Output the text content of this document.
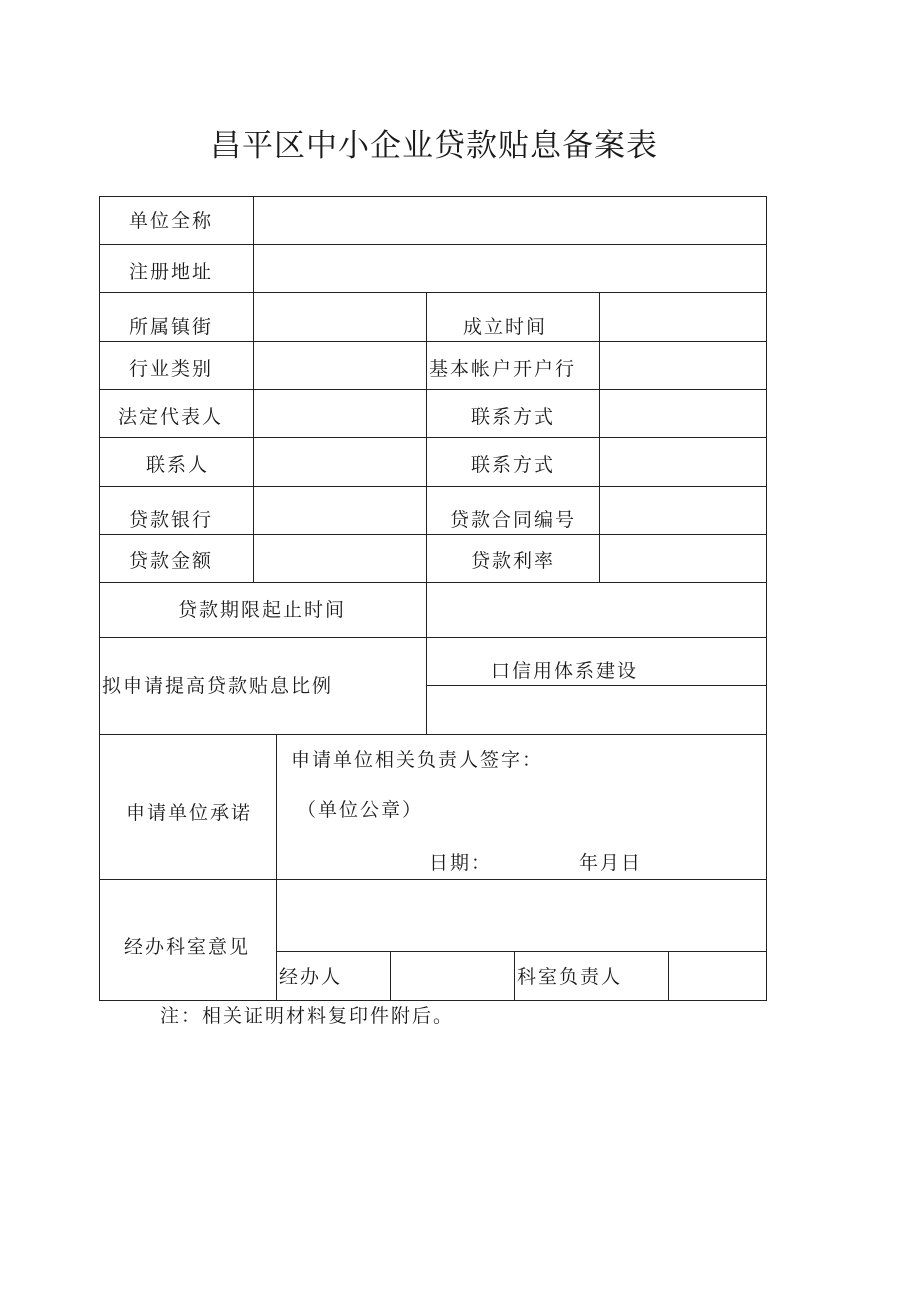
昌平区中小企业贷款贴息备案表
单位全称
注册地址
所属镇街	成立时间
行业类别	基本帐户开户行
法定代表人	联系方式
联系人	联系方式
贷款银行	贷款合同编号
贷款金额	贷款利率
贷款期限起止时间
拟申请提高贷款贴息比例
口信用体系建设
申请单位承诺
申请单位相关负责人签字：
（单位公章）
日期：	年月日
经办科室意见
经办人	科室负责人
注：相关证明材料复印件附后。
